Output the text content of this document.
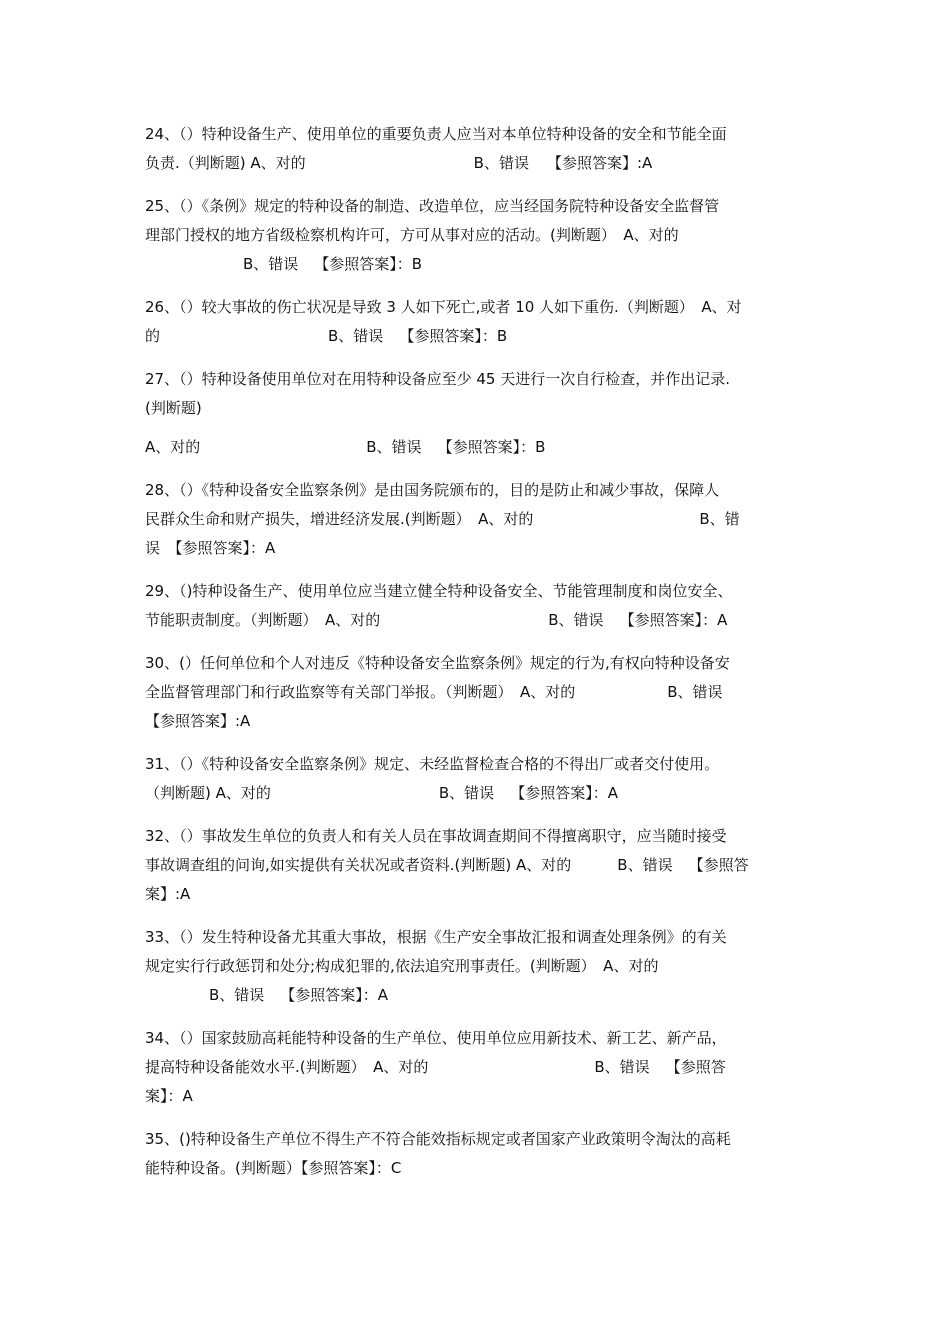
24、（）特种设备生产、使用单位的重要负责人应当对本单位特种设备的安全和节能全面
负责.（判断题) A、对的	B、错误 【参照答案】:A
25、（）《条例》规定的特种设备的制造、改造单位，应当经国务院特种设备安全监督管
理部门授权的地方省级检察机构许可，方可从事对应的活动。(判断题）　A、对的
B、错误 【参照答案】：B
26、（）较大事故的伤亡状况是导致 3 人如下死亡,或者 10 人如下重伤.（判断题）　A、对
的	B、错误 【参照答案】：B
27、（）特种设备使用单位对在用特种设备应至少 45 天进行一次自行检查，并作出记录.
(判断题)
A、对的	B、错误 【参照答案】：B
28、（）《特种设备安全监察条例》是由国务院颁布的，目的是防止和减少事故，保障人
民群众生命和财产损失，增进经济发展.(判断题）　A、对的	B、错
误　【参照答案】：A
29、（)特种设备生产、使用单位应当建立健全特种设备安全、节能管理制度和岗位安全、
节能职责制度。（判断题）　A、对的	B、错误 【参照答案】：A
30、(）任何单位和个人对违反《特种设备安全监察条例》规定的行为,有权向特种设备安
全监督管理部门和行政监察等有关部门举报。（判断题）　A、对的	B、错误
【参照答案】:A
31、（）《特种设备安全监察条例》规定、未经监督检查合格的不得出厂或者交付使用。
（判断题) A、对的	B、错误 【参照答案】：A
32、（）事故发生单位的负责人和有关人员在事故调查期间不得擅离职守，应当随时接受
事故调查组的问询,如实提供有关状况或者资料.(判断题) A、对的	B、错误 【参照答
案】:A
33、（）发生特种设备尤其重大事故，根据《生产安全事故汇报和调查处理条例》的有关
规定实行行政惩罚和处分;构成犯罪的,依法追究刑事责任。(判断题）　A、对的
B、错误 【参照答案】：A
34、（）国家鼓励高耗能特种设备的生产单位、使用单位应用新技术、新工艺、新产品，
提高特种设备能效水平.(判断题）　A、对的	B、错误 【参照答
案】：A
35、()特种设备生产单位不得生产不符合能效指标规定或者国家产业政策明令淘汰的高耗
能特种设备。(判断题）【参照答案】：C
